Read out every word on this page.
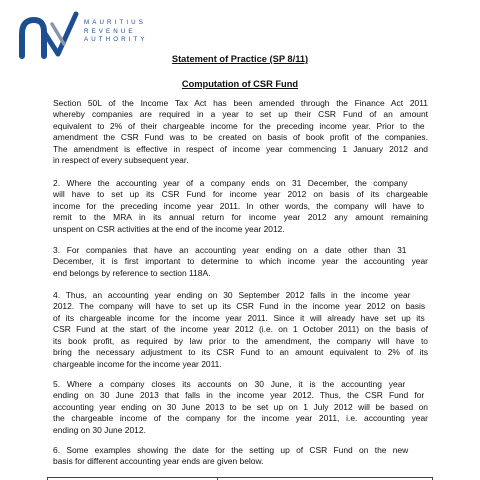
MAURITIUS
REVENUE
AUTHORITY
Statement of Practice (SP 8/11)
Computation of CSR Fund
Section 50L of the Income Tax Act has been amended through the Finance Act 2011
whereby companies are required in a year to set up their CSR Fund of an amount
equivalent to 2% of their chargeable income for the preceding income year. Prior to the
amendment the CSR Fund was to be created on basis of book profit of the companies.
The amendment is effective in respect of income year commencing 1 January 2012 and
in respect of every subsequent year.
2. Where the accounting year of a company ends on 31 December, the company
will have to set up its CSR Fund for income year 2012 on basis of its chargeable
income for the preceding income year 2011. In other words, the company will have to
remit to the MRA in its annual return for income year 2012 any amount remaining
unspent on CSR activities at the end of the income year 2012.
3. For companies that have an accounting year ending on a date other than 31
December, it is first important to determine to which income year the accounting year
end belongs by reference to section 118A.
4. Thus, an accounting year ending on 30 September 2012 falls in the income year
2012. The company will have to set up its CSR Fund in the income year 2012 on basis
of its chargeable income for the income year 2011. Since it will already have set up its
CSR Fund at the start of the income year 2012 (i.e. on 1 October 2011) on the basis of
its book profit, as required by law prior to the amendment, the company will have to
bring the necessary adjustment to its CSR Fund to an amount equivalent to 2% of its
chargeable income for the income year 2011.
5. Where a company closes its accounts on 30 June, it is the accounting year
ending on 30 June 2013 that falls in the income year 2012. Thus, the CSR Fund for
accounting year ending on 30 June 2013 to be set up on 1 July 2012 will be based on
the chargeable income of the company for the income year 2011, i.e. accounting year
ending on 30 June 2012.
6. Some examples showing the date for the setting up of CSR Fund on the new
basis for different accounting year ends are given below.
